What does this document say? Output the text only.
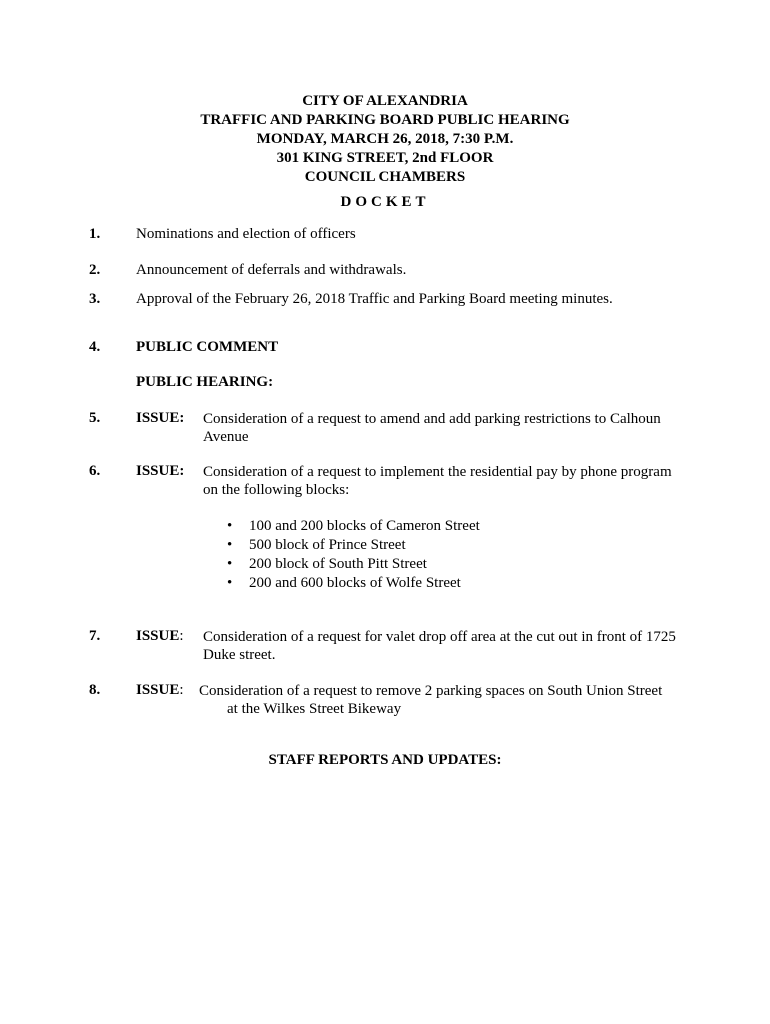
CITY OF ALEXANDRIA
TRAFFIC AND PARKING BOARD PUBLIC HEARING
MONDAY, MARCH 26, 2018, 7:30 P.M.
301 KING STREET, 2nd FLOOR
COUNCIL CHAMBERS
DOCKET
1. Nominations and election of officers
2. Announcement of deferrals and withdrawals.
3. Approval of the February 26, 2018 Traffic and Parking Board meeting minutes.
4. PUBLIC COMMENT
PUBLIC HEARING:
5. ISSUE: Consideration of a request to amend and add parking restrictions to Calhoun
Avenue
6. ISSUE: Consideration of a request to implement the residential pay by phone program
on the following blocks:
• 100 and 200 blocks of Cameron Street
• 500 block of Prince Street
• 200 block of South Pitt Street
• 200 and 600 blocks of Wolfe Street
7. ISSUE: Consideration of a request for valet drop off area at the cut out in front of 1725
Duke street.
8. ISSUE: Consideration of a request to remove 2 parking spaces on South Union Street
at the Wilkes Street Bikeway
STAFF REPORTS AND UPDATES:
